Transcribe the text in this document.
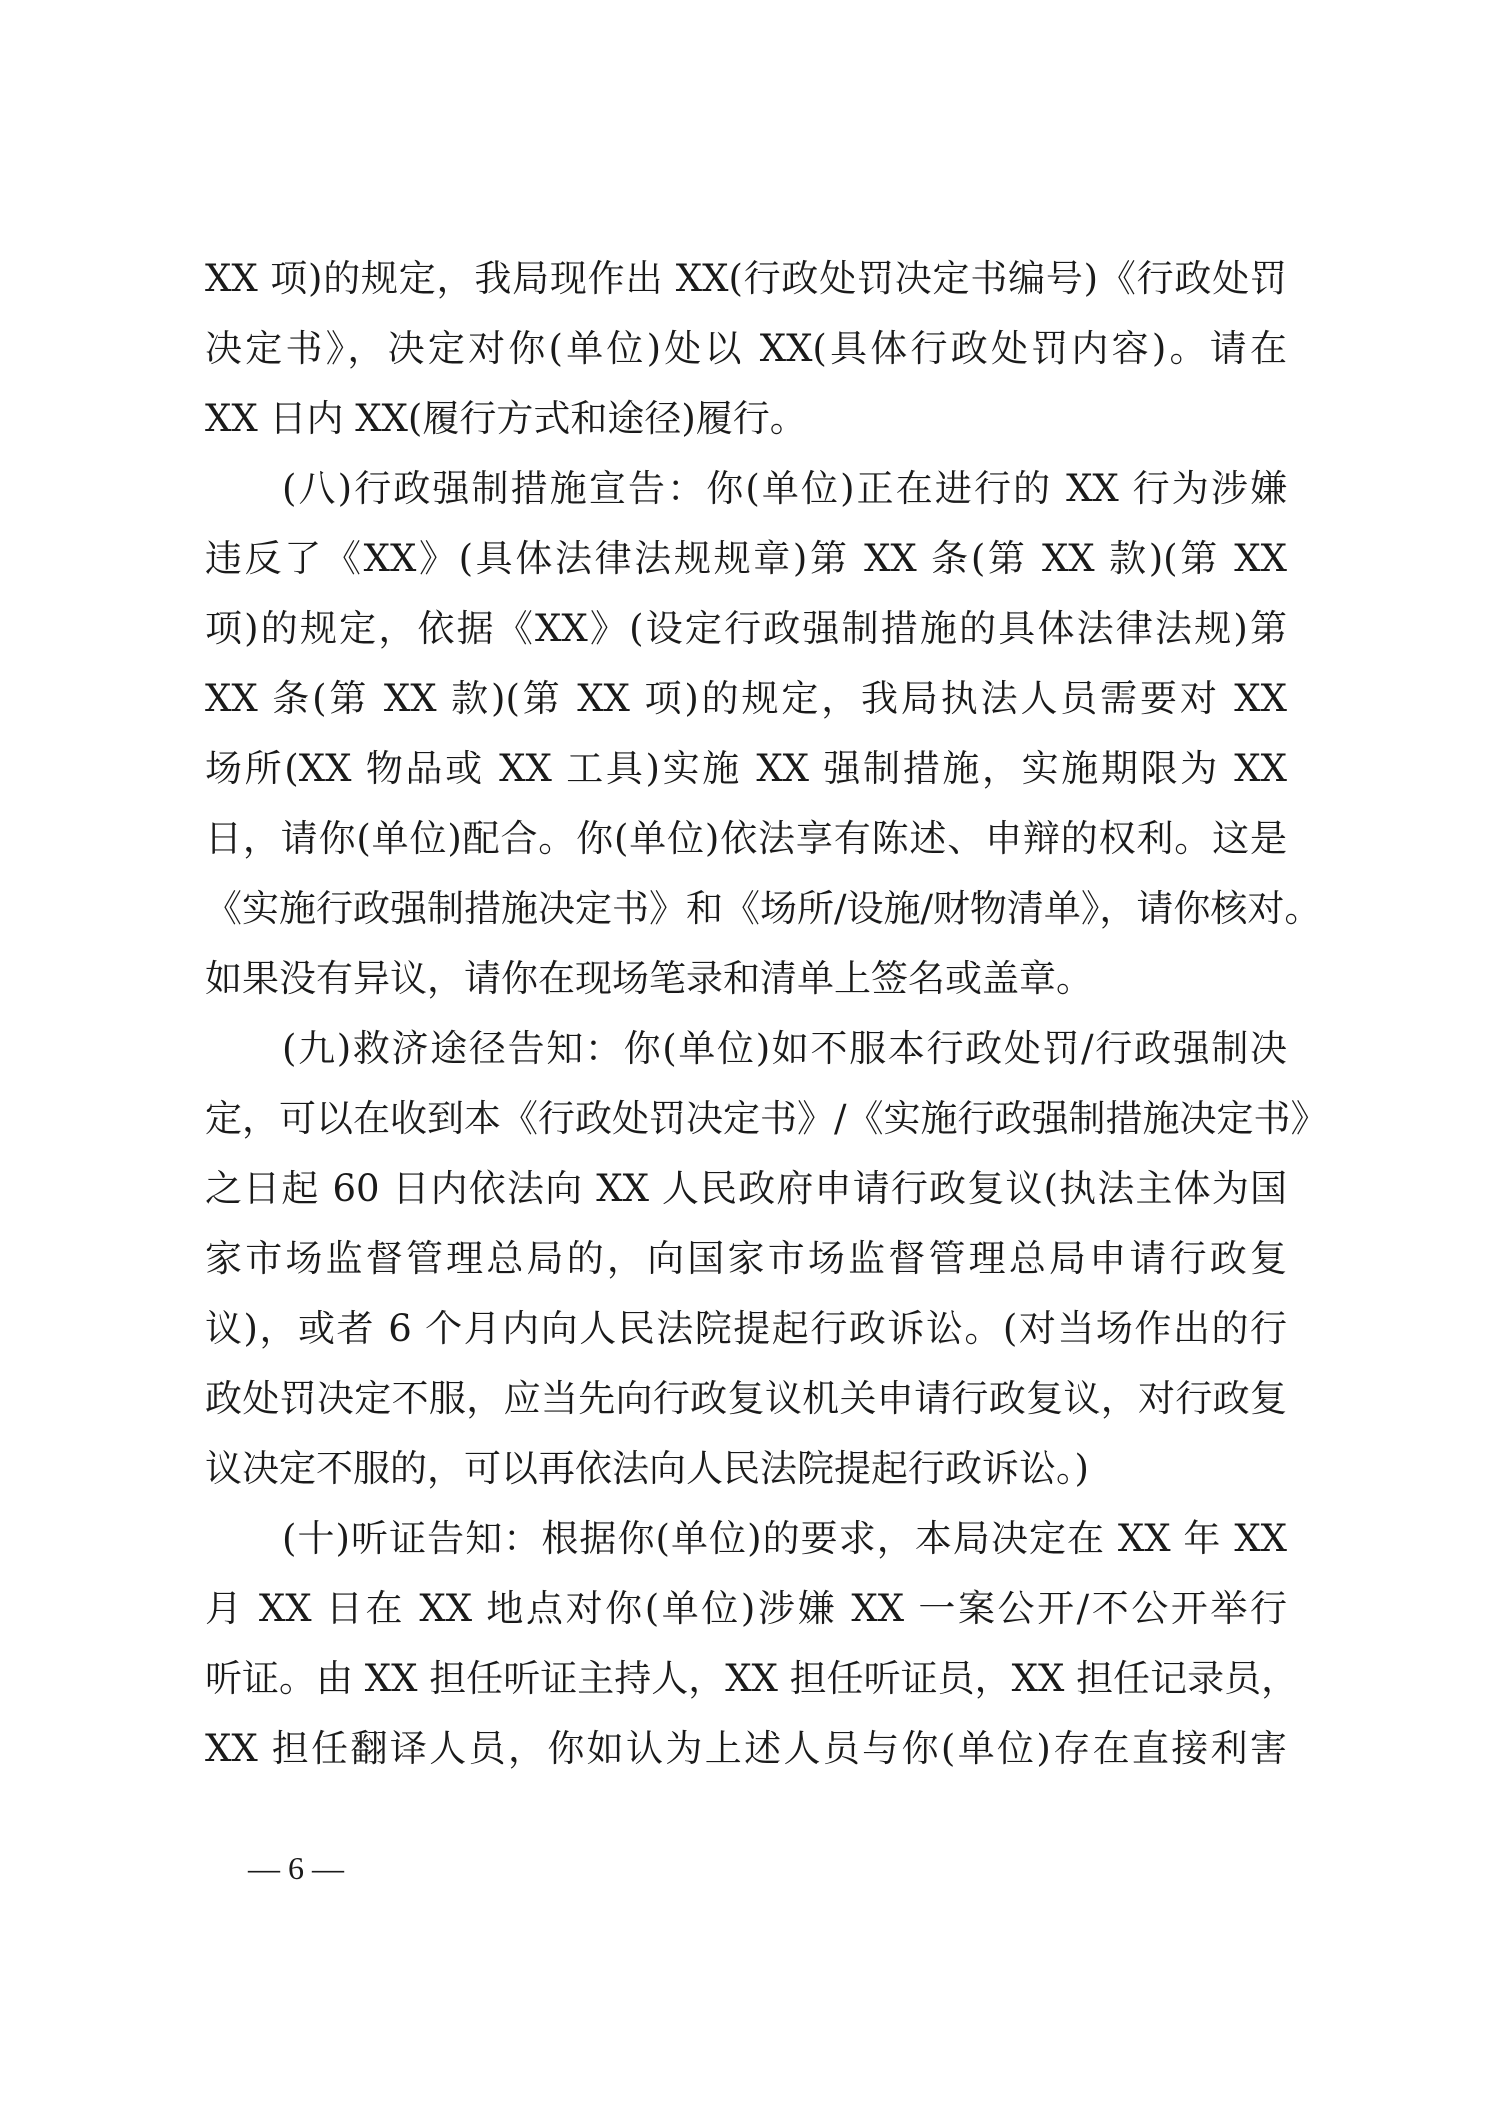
XX 项)的规定，我局现作出 XX(行政处罚决定书编号)《行政处罚
决定书》，决定对你(单位)处以 XX(具体行政处罚内容)。请在
XX 日内 XX(履行方式和途径)履行。
(八)行政强制措施宣告：你(单位)正在进行的 XX 行为涉嫌
违反了《XX》(具体法律法规规章)第 XX 条(第 XX 款)(第 XX
项)的规定，依据《XX》(设定行政强制措施的具体法律法规)第
XX 条(第 XX 款)(第 XX 项)的规定，我局执法人员需要对 XX
场所(XX 物品或 XX 工具)实施 XX 强制措施，实施期限为 XX
日，请你(单位)配合。你(单位)依法享有陈述、申辩的权利。这是
《实施行政强制措施决定书》和《场所/设施/财物清单》，请你核对。
如果没有异议，请你在现场笔录和清单上签名或盖章。
(九)救济途径告知：你(单位)如不服本行政处罚/行政强制决
定，可以在收到本《行政处罚决定书》/《实施行政强制措施决定书》
之日起 60 日内依法向 XX 人民政府申请行政复议(执法主体为国
家市场监督管理总局的，向国家市场监督管理总局申请行政复
议)，或者 6 个月内向人民法院提起行政诉讼。(对当场作出的行
政处罚决定不服，应当先向行政复议机关申请行政复议，对行政复
议决定不服的，可以再依法向人民法院提起行政诉讼。)
(十)听证告知：根据你(单位)的要求，本局决定在 XX 年 XX
月 XX 日在 XX 地点对你(单位)涉嫌 XX 一案公开/不公开举行
听证。由 XX 担任听证主持人，XX 担任听证员，XX 担任记录员，
XX 担任翻译人员，你如认为上述人员与你(单位)存在直接利害
— 6 —
